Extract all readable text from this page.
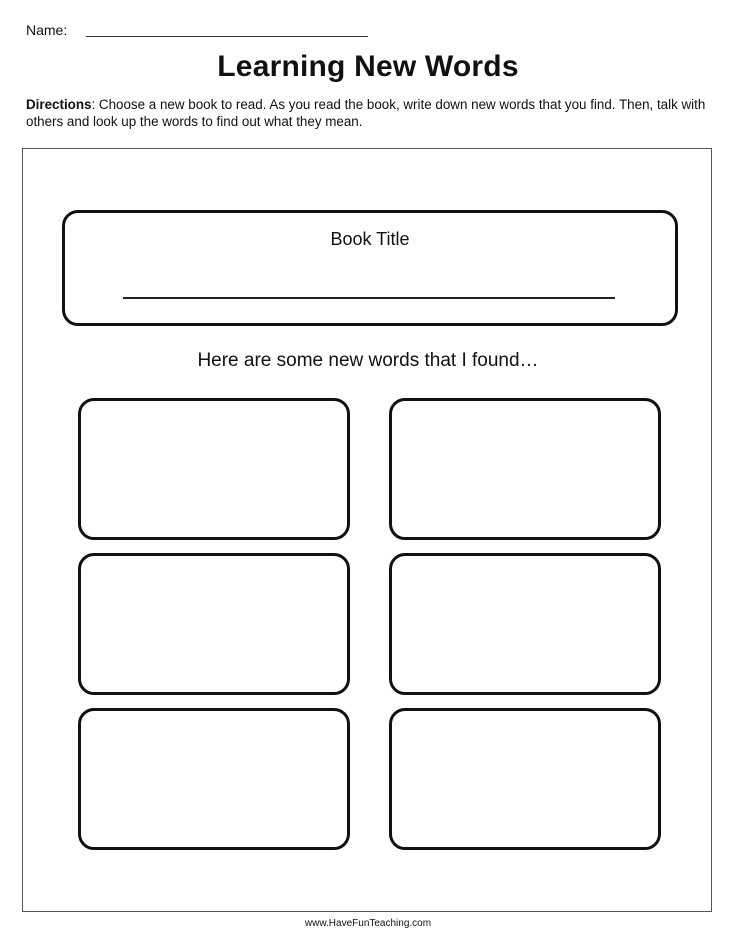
Name:
Learning New Words
Directions: Choose a new book to read. As you read the book, write down new words that you find. Then, talk with others and look up the words to find out what they mean.
Book Title
Here are some new words that I found…
www.HaveFunTeaching.com
